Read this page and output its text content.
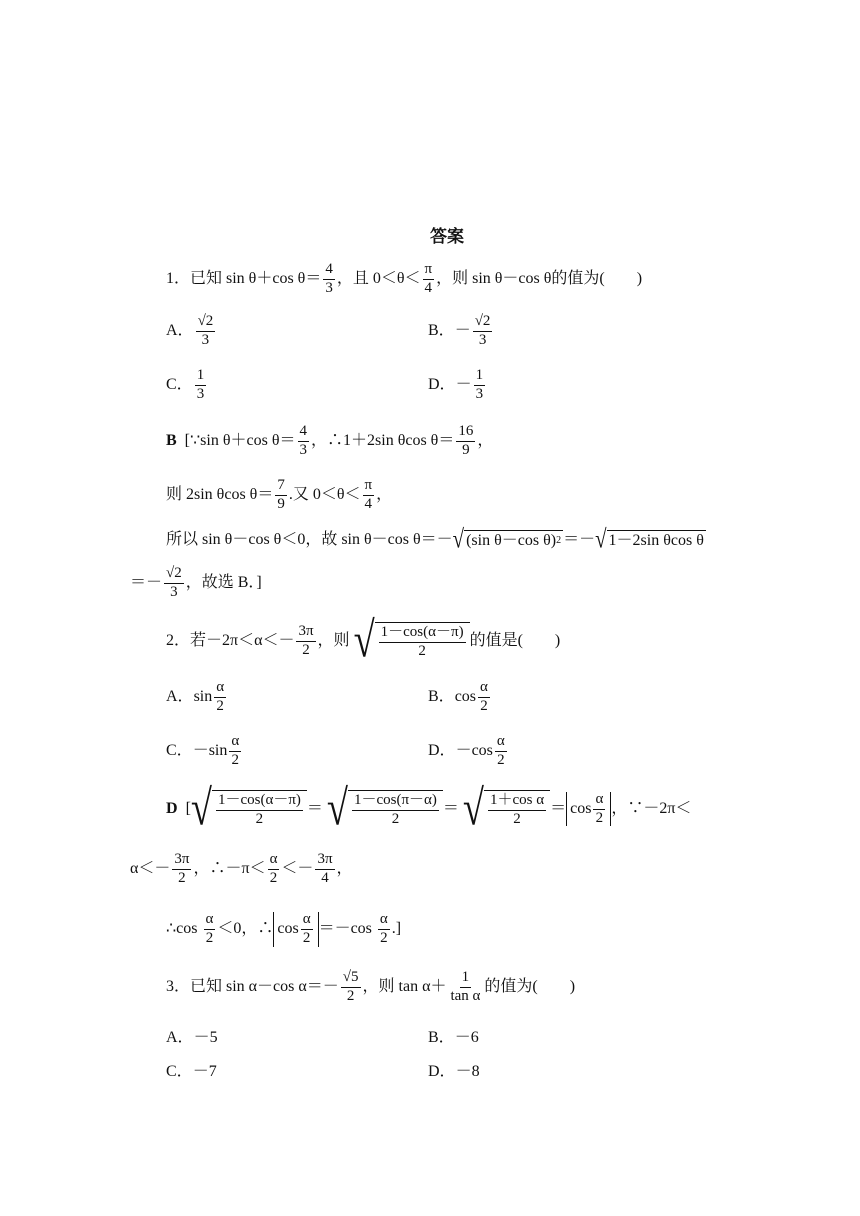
答案
1．已知 sin θ＋cos $\theta= \frac{4}{3}$ ，且 $0<\theta< \frac{\pi}{4}$ ，则 sin θ－cos θ的值为(　　)
A． $\frac{√2}{3}$	B． － $\frac{√2}{3}$
C． $\frac{1}{3}$	D． － $\frac{1}{3}$
B
[∵sin θ＋cos $\theta= \frac{4}{3}$ ，∴1＋2sin θcos $\theta= \frac{16}{9}$ ，
则 2sin θcos $\theta= \frac{7}{9}$ .又 $0<\theta< \frac{\pi}{4}$ ，
所以 sin θ－cos θ＜0，故 sin θ－cos θ＝－ √ (sin θ－cos θ) 2 ＝－ √ 1－2sin θcos θ
＝－ $\frac{√2}{3}$ ，故选 B．]
2．若$-2\pi<\alpha<- \frac{3\pi}{2}$ ，则
√ $\frac{1-\cos(\alpha-\pi)}{2}$ 的值是(　　)
A． $\sin \frac{\alpha}{2}$	B． $\cos \frac{\alpha}{2}$
C． $-\sin \frac{\alpha}{2}$	D． $-\cos \frac{\alpha}{2}$
D [ √ $\frac{1-\cos(\alpha-\pi)}{2}$ ＝
√ $\frac{1-\cos(\pi-\alpha)}{2}$ ＝
√ $\frac{\text{1＋cos α}}{2} = \cos \frac{\alpha}{2}$ ，∵－2π＜
$\alpha<- \frac{3\pi}{2}$ ，∴－π＜ $\frac{\alpha}{2} <- \frac{3\pi}{4}$ ，
∴cos
$\frac{\alpha}{2} <0$，∴ $\cos \frac{\alpha}{2} =-\cos$
$\frac{\alpha}{2}$ .]
3．已知 sin α－cos $\alpha=- \frac{√5}{2}$ ，则 $\tan \alpha+ \frac{1}{\text{tan α}}$ 的值为(　　)
A．－5	B．－6
C．－7	D．－8
